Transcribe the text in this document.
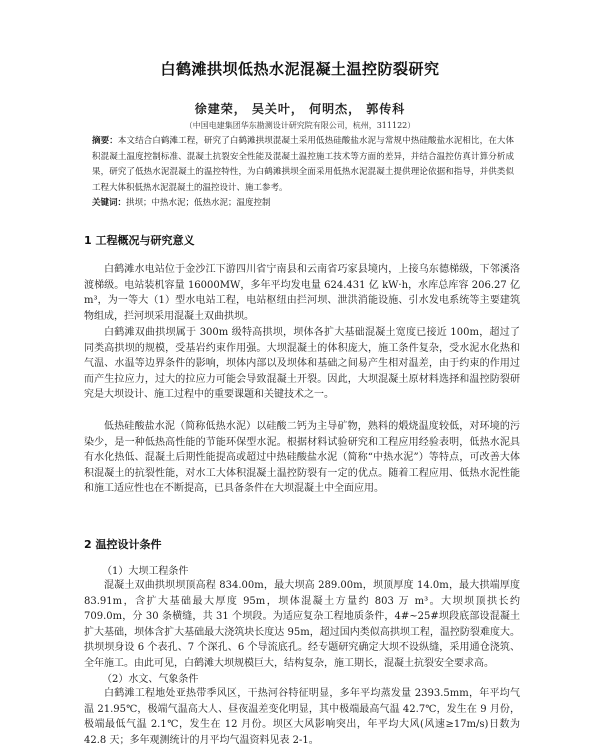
白鹤滩拱坝低热水泥混凝土温控防裂研究
徐建荣， 吴关叶， 何明杰， 郭传科
（中国电建集团华东勘测设计研究院有限公司，杭州，311122）
摘要：本文结合白鹤滩工程，研究了白鹤滩拱坝混凝土采用低热硅酸盐水泥与常规中热硅酸盐水泥相比，在大体积混凝土温度控制标准、混凝土抗裂安全性能及混凝土温控施工技术等方面的差异，并结合温控仿真计算分析成果，研究了低热水泥混凝土的温控特性，为白鹤滩拱坝全面采用低热水泥混凝土提供理论依据和指导，并供类似工程大体积低热水泥混凝土的温控设计、施工参考。
关键词：拱坝；中热水泥；低热水泥；温度控制
1 工程概况与研究意义
白鹤滩水电站位于金沙江下游四川省宁南县和云南省巧家县境内，上接乌东德梯级，下邻溪洛渡梯级。电站装机容量 16000MW，多年平均发电量 624.431 亿 kW·h，水库总库容 206.27 亿 m³，为一等大（1）型水电站工程，电站枢纽由拦河坝、泄洪消能设施、引水发电系统等主要建筑物组成，拦河坝采用混凝土双曲拱坝。
白鹤滩双曲拱坝属于 300m 级特高拱坝，坝体各扩大基础混凝土宽度已接近 100m，超过了同类高拱坝的规模，受基岩约束作用强。大坝混凝土的体积庞大，施工条件复杂，受水泥水化热和气温、水温等边界条件的影响，坝体内部以及坝体和基础之间易产生相对温差，由于约束的作用过而产生拉应力，过大的拉应力可能会导致混凝土开裂。因此，大坝混凝土原材料选择和温控防裂研究是大坝设计、施工过程中的重要课题和关键技术之一。
低热硅酸盐水泥（简称低热水泥）以硅酸二钙为主导矿物，熟料的煅烧温度较低，对环境的污染少，是一种低热高性能的节能环保型水泥。根据材料试验研究和工程应用经验表明，低热水泥具有水化热低、混凝土后期性能提高或超过中热硅酸盐水泥（简称“中热水泥”）等特点，可改善大体积混凝土的抗裂性能，对水工大体积混凝土温控防裂有一定的优点。随着工程应用、低热水泥性能和施工适应性也在不断提高，已具备条件在大坝混凝土中全面应用。
2 温控设计条件
（1）大坝工程条件
混凝土双曲拱坝坝顶高程 834.00m，最大坝高 289.00m，坝顶厚度 14.0m，最大拱端厚度 83.91m，含扩大基础最大厚度 95m，坝体混凝土方量约 803 万 m³。大坝坝顶拱长约 709.0m，分 30 条横缝，共 31 个坝段。为适应复杂工程地质条件，4#~25#坝段底部设混凝土扩大基础，坝体含扩大基础最大浇筑块长度达 95m，超过国内类似高拱坝工程，温控防裂难度大。拱坝坝身设 6 个表孔、7 个深孔、6 个导流底孔。经专题研究确定大坝不设纵缝，采用通仓浇筑、全年施工。由此可见，白鹤滩大坝规模巨大，结构复杂，施工期长，混凝土抗裂安全要求高。
（2）水文、气象条件
白鹤滩工程地处亚热带季风区，干热河谷特征明显，多年平均蒸发量 2393.5mm，年平均气温 21.95℃，极端气温高大人、昼夜温差变化明显，其中极端最高气温 42.7℃，发生在 9 月份，极端最低气温 2.1℃，发生在 12 月份。坝区大风影响突出，年平均大风(风速≥17m/s)日数为 42.8 天；多年观测统计的月平均气温资料见表 2-1。
